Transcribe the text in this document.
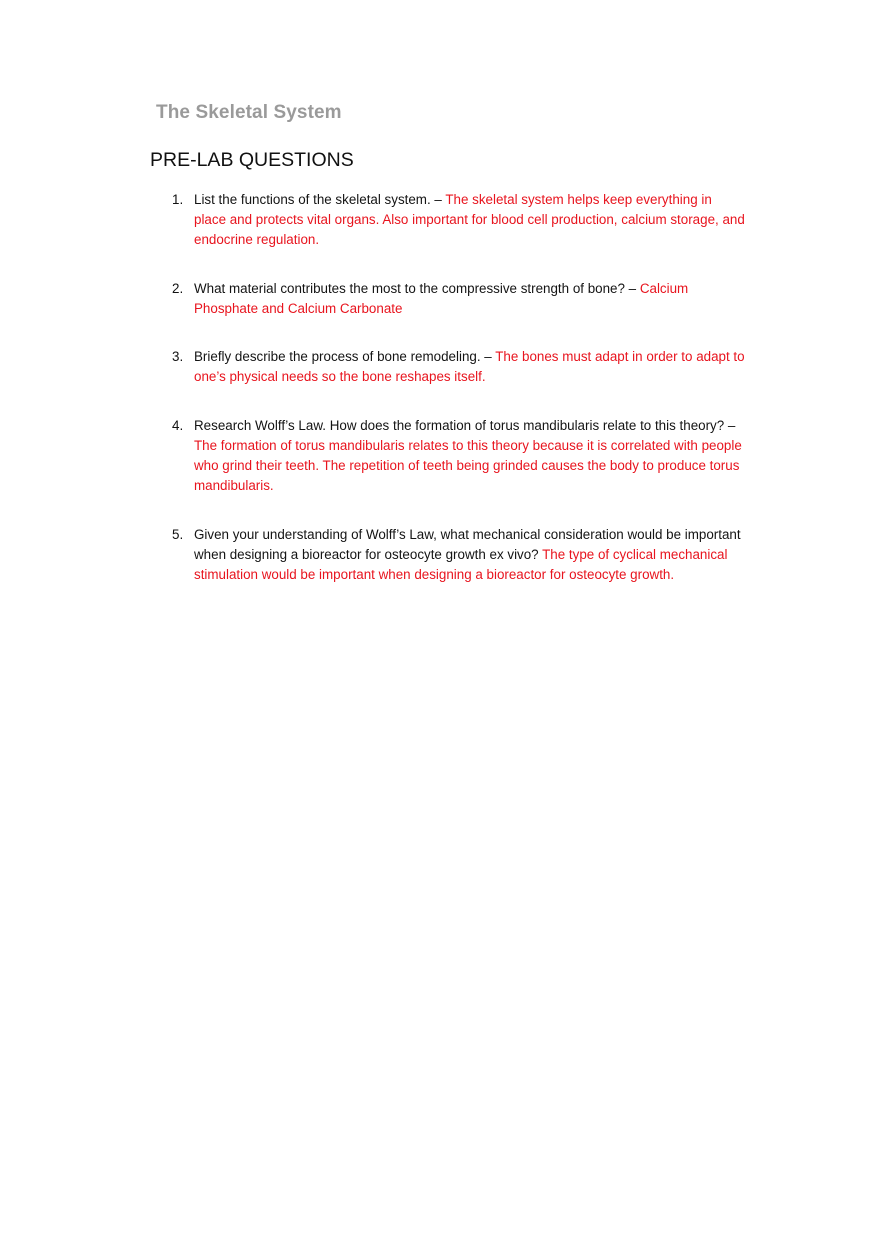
The Skeletal System
PRE-LAB QUESTIONS
1. List the functions of the skeletal system. – The skeletal system helps keep everything in place and protects vital organs. Also important for blood cell production, calcium storage, and endocrine regulation.
2. What material contributes the most to the compressive strength of bone? – Calcium Phosphate and Calcium Carbonate
3. Briefly describe the process of bone remodeling. – The bones must adapt in order to adapt to one’s physical needs so the bone reshapes itself.
4. Research Wolff’s Law. How does the formation of torus mandibularis relate to this theory? – The formation of torus mandibularis relates to this theory because it is correlated with people who grind their teeth. The repetition of teeth being grinded causes the body to produce torus mandibularis.
5. Given your understanding of Wolff’s Law, what mechanical consideration would be important when designing a bioreactor for osteocyte growth ex vivo? The type of cyclical mechanical stimulation would be important when designing a bioreactor for osteocyte growth.
